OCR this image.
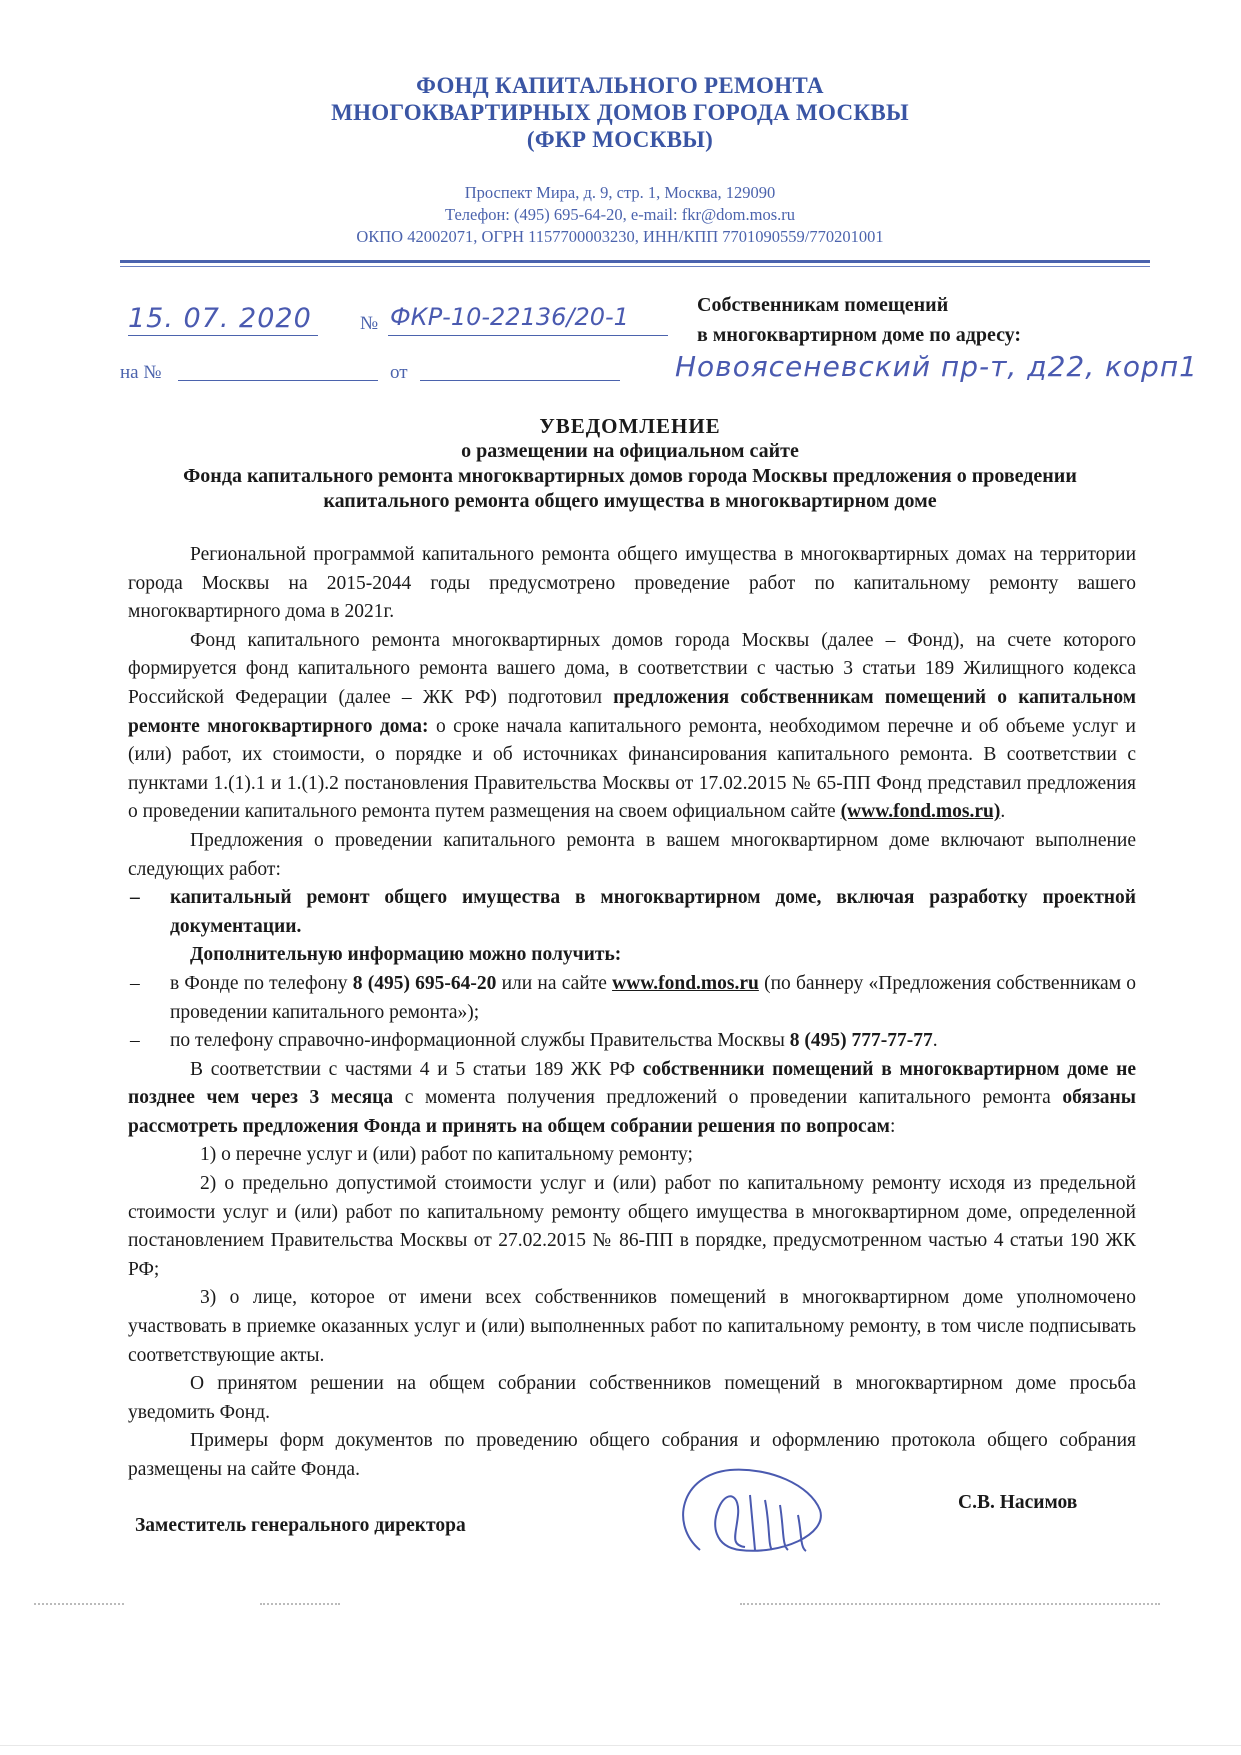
ФОНД КАПИТАЛЬНОГО РЕМОНТА
МНОГОКВАРТИРНЫХ ДОМОВ ГОРОДА МОСКВЫ
(ФКР МОСКВЫ)
Проспект Мира, д. 9, стр. 1, Москва, 129090
Телефон: (495) 695-64-20, e-mail: fkr@dom.mos.ru
ОКПО 42002071, ОГРН 1157700003230, ИНН/КПП 7701090559/770201001
15. 07. 2020	№ ФКР-10-22136/20-1
на №	от
Собственникам помещений
в многоквартирном доме по адресу:
Новоясеневский пр-т, д22, корп1
УВЕДОМЛЕНИЕ
о размещении на официальном сайте
Фонда капитального ремонта многоквартирных домов города Москвы предложения о проведении капитального ремонта общего имущества в многоквартирном доме

Региональной программой капитального ремонта общего имущества в многоквартирных домах на территории города Москвы на 2015-2044 годы предусмотрено проведение работ по капитальному ремонту вашего многоквартирного дома в 2021г.

Фонд капитального ремонта многоквартирных домов города Москвы (далее – Фонд), на счете которого формируется фонд капитального ремонта вашего дома, в соответствии с частью 3 статьи 189 Жилищного кодекса Российской Федерации (далее – ЖК РФ) подготовил предложения собственникам помещений о капитальном ремонте многоквартирного дома: о сроке начала капитального ремонта, необходимом перечне и об объеме услуг и (или) работ, их стоимости, о порядке и об источниках финансирования капитального ремонта. В соответствии с пунктами 1.(1).1 и 1.(1).2 постановления Правительства Москвы от 17.02.2015 № 65-ПП Фонд представил предложения о проведении капитального ремонта путем размещения на своем официальном сайте (www.fond.mos.ru).

Предложения о проведении капитального ремонта в вашем многоквартирном доме включают выполнение следующих работ:

– капитальный ремонт общего имущества в многоквартирном доме, включая разработку проектной документации.

Дополнительную информацию можно получить:

– в Фонде по телефону 8 (495) 695-64-20 или на сайте www.fond.mos.ru (по баннеру «Предложения собственникам о проведении капитального ремонта»);

– по телефону справочно-информационной службы Правительства Москвы 8 (495) 777-77-77.

В соответствии с частями 4 и 5 статьи 189 ЖК РФ собственники помещений в многоквартирном доме не позднее чем через 3 месяца с момента получения предложений о проведении капитального ремонта обязаны рассмотреть предложения Фонда и принять на общем собрании решения по вопросам:

1) о перечне услуг и (или) работ по капитальному ремонту;

2) о предельно допустимой стоимости услуг и (или) работ по капитальному ремонту исходя из предельной стоимости услуг и (или) работ по капитальному ремонту общего имущества в многоквартирном доме, определенной постановлением Правительства Москвы от 27.02.2015 № 86-ПП в порядке, предусмотренном частью 4 статьи 190 ЖК РФ;

3) о лице, которое от имени всех собственников помещений в многоквартирном доме уполномочено участвовать в приемке оказанных услуг и (или) выполненных работ по капитальному ремонту, в том числе подписывать соответствующие акты.

О принятом решении на общем собрании собственников помещений в многоквартирном доме просьба уведомить Фонд.

Примеры форм документов по проведению общего собрания и оформлению протокола общего собрания размещены на сайте Фонда.

Заместитель генерального директора
С.В. Насимов
